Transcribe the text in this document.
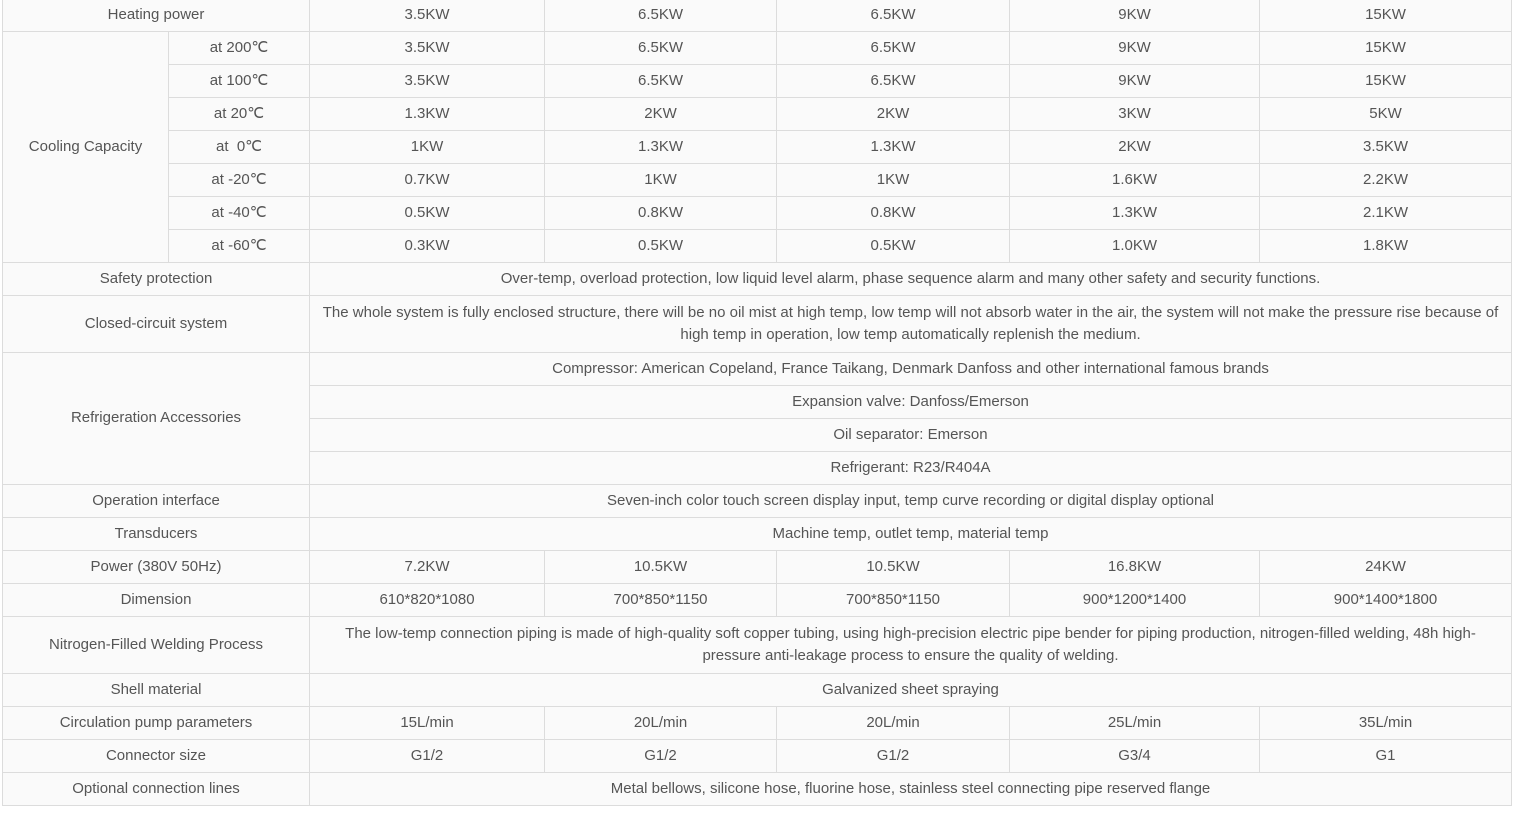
Heating power		3.5KW	6.5KW	6.5KW	9KW	15KW
Cooling Capacity	at 200℃	3.5KW	6.5KW	6.5KW	9KW	15KW
	at 100℃	3.5KW	6.5KW	6.5KW	9KW	15KW
	at 20℃	1.3KW	2KW	2KW	3KW	5KW
	at  0℃	1KW	1.3KW	1.3KW	2KW	3.5KW
	at -20℃	0.7KW	1KW	1KW	1.6KW	2.2KW
	at -40℃	0.5KW	0.8KW	0.8KW	1.3KW	2.1KW
	at -60℃	0.3KW	0.5KW	0.5KW	1.0KW	1.8KW
Safety protection		Over-temp, overload protection, low liquid level alarm, phase sequence alarm and many other safety and security functions.				
Closed-circuit system		The whole system is fully enclosed structure, there will be no oil mist at high temp, low temp will not absorb water in the air, the system will not make the pressure rise because of high temp in operation, low temp automatically replenish the medium.				
Refrigeration Accessories		Compressor: American Copeland, France Taikang, Denmark Danfoss and other international famous brands				
		Expansion valve: Danfoss/Emerson				
		Oil separator: Emerson				
		Refrigerant: R23/R404A				
Operation interface		Seven-inch color touch screen display input, temp curve recording or digital display optional				
Transducers		Machine temp, outlet temp, material temp				
Power (380V 50Hz)		7.2KW	10.5KW	10.5KW	16.8KW	24KW
Dimension		610*820*1080	700*850*1150	700*850*1150	900*1200*1400	900*1400*1800
Nitrogen-Filled Welding Process		The low-temp connection piping is made of high-quality soft copper tubing, using high-precision electric pipe bender for piping production, nitrogen-filled welding, 48h high-pressure anti-leakage process to ensure the quality of welding.				
Shell material		Galvanized sheet spraying				
Circulation pump parameters		15L/min	20L/min	20L/min	25L/min	35L/min
Connector size		G1/2	G1/2	G1/2	G3/4	G1
Optional connection lines		Metal bellows, silicone hose, fluorine hose, stainless steel connecting pipe reserved flange				
